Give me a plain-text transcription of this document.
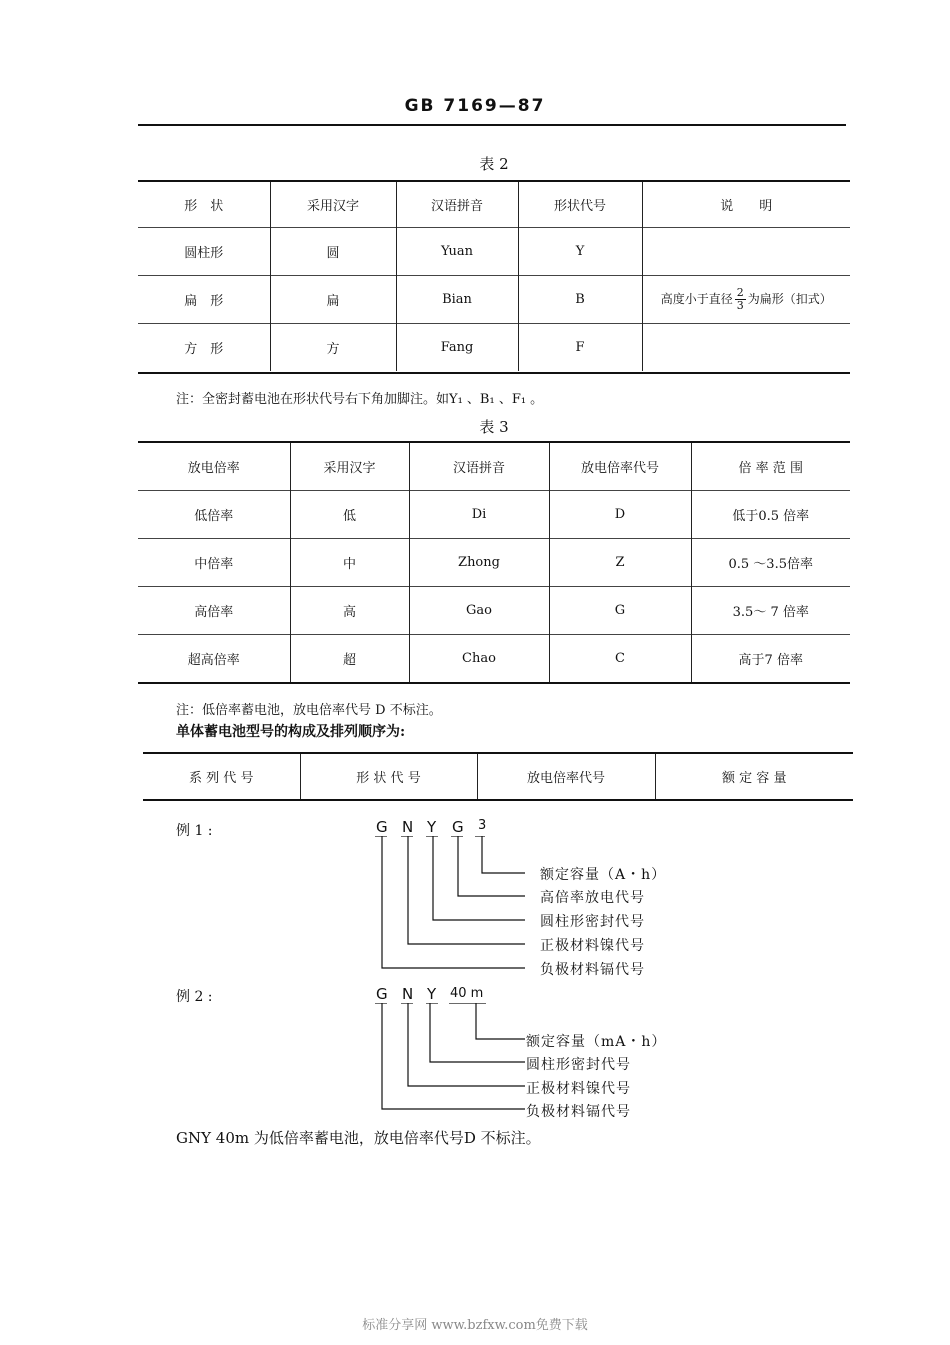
GB 7169—87
表 2
形　状	采用汉字	汉语拼音	形状代号	说　　明
圆柱形	圆	Yuan	Y	
扁　形	扁	Bian	B	高度小于直径 $\frac{2}{3}$ 为扁形（扣式）
方　形	方	Fang	F	
注：全密封蓄电池在形状代号右下角加脚注。如Y₁ 、B₁ 、F₁ 。
表 3
放电倍率	采用汉字	汉语拼音	放电倍率代号	倍 率 范 围
低倍率	低	Di	D	低于0.5 倍率
中倍率	中	Zhong	Z	0.5 ～3.5倍率
高倍率	高	Gao	G	3.5～ 7 倍率
超高倍率	超	Chao	C	高于7 倍率
注：低倍率蓄电池，放电倍率代号 D 不标注。
单体蓄电池型号的构成及排列顺序为:
系 列 代 号	形 状 代 号	放电倍率代号	额 定 容 量
例 1 :	G N Y G 3
额定容量（A・h）
高倍率放电代号
圆柱形密封代号
正极材料镍代号
负极材料镉代号
例 2 :	G N Y 40 m
额定容量（mA・h）
圆柱形密封代号
正极材料镍代号
负极材料镉代号
GNY 40m 为低倍率蓄电池，放电倍率代号D 不标注。
标准分享网 www.bzfxw.com免费下载
